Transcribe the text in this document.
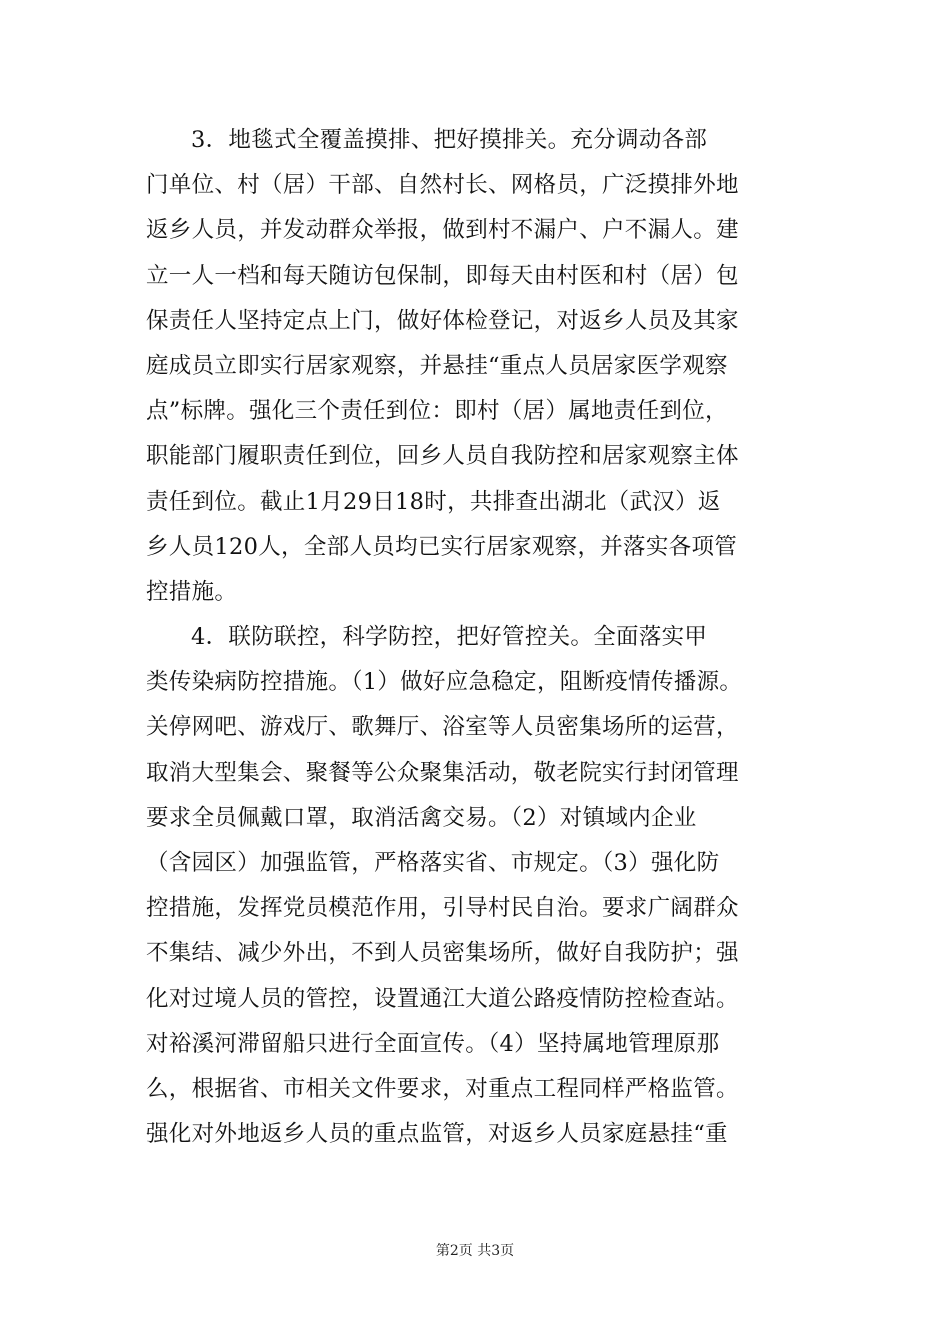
3．地毯式全覆盖摸排、把好摸排关。充分调动各部
门单位、村（居）干部、自然村长、网格员，广泛摸排外地
返乡人员，并发动群众举报，做到村不漏户、户不漏人。建
立一人一档和每天随访包保制，即每天由村医和村（居）包
保责任人坚持定点上门，做好体检登记，对返乡人员及其家
庭成员立即实行居家观察，并悬挂“重点人员居家医学观察
点”标牌。强化三个责任到位：即村（居）属地责任到位，
职能部门履职责任到位，回乡人员自我防控和居家观察主体
责任到位。截止1月29日18时，共排查出湖北（武汉）返
乡人员120人，全部人员均已实行居家观察，并落实各项管
控措施。
4．联防联控，科学防控，把好管控关。全面落实甲
类传染病防控措施。（1）做好应急稳定，阻断疫情传播源。
关停网吧、游戏厅、歌舞厅、浴室等人员密集场所的运营，
取消大型集会、聚餐等公众聚集活动，敬老院实行封闭管理
要求全员佩戴口罩，取消活禽交易。（2）对镇域内企业
（含园区）加强监管，严格落实省、市规定。（3）强化防
控措施，发挥党员模范作用，引导村民自治。要求广阔群众
不集结、减少外出，不到人员密集场所，做好自我防护；强
化对过境人员的管控，设置通江大道公路疫情防控检查站。
对裕溪河滞留船只进行全面宣传。（4）坚持属地管理原那
么，根据省、市相关文件要求，对重点工程同样严格监管。
强化对外地返乡人员的重点监管，对返乡人员家庭悬挂“重
第2页 共3页
